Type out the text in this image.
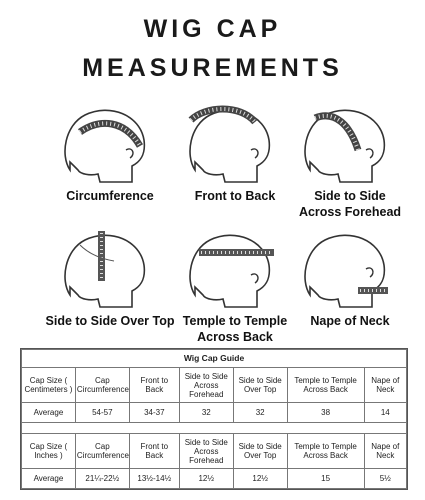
WIG CAP
MEASUREMENTS
Circumference	Front to Back	Side to Side
Across Forehead
Side to Side Over Top Temple to Temple
Across Back
Nape of Neck
Wig Cap Guide						
Cap Size ( Centimeters )	Cap Circumference	Front to Back	Side to Side Across Forehead	Side to Side Over Top	Temple to Temple Across Back	Nape of Neck
Average	54-57	34-37	32	32	38	14

Cap Size ( Inches )	Cap Circumference	Front to Back	Side to Side Across Forehead	Side to Side Over Top	Temple to Temple Across Back	Nape of Neck
Average	21¼-22½	13½-14½	12½	12½	15	5½
